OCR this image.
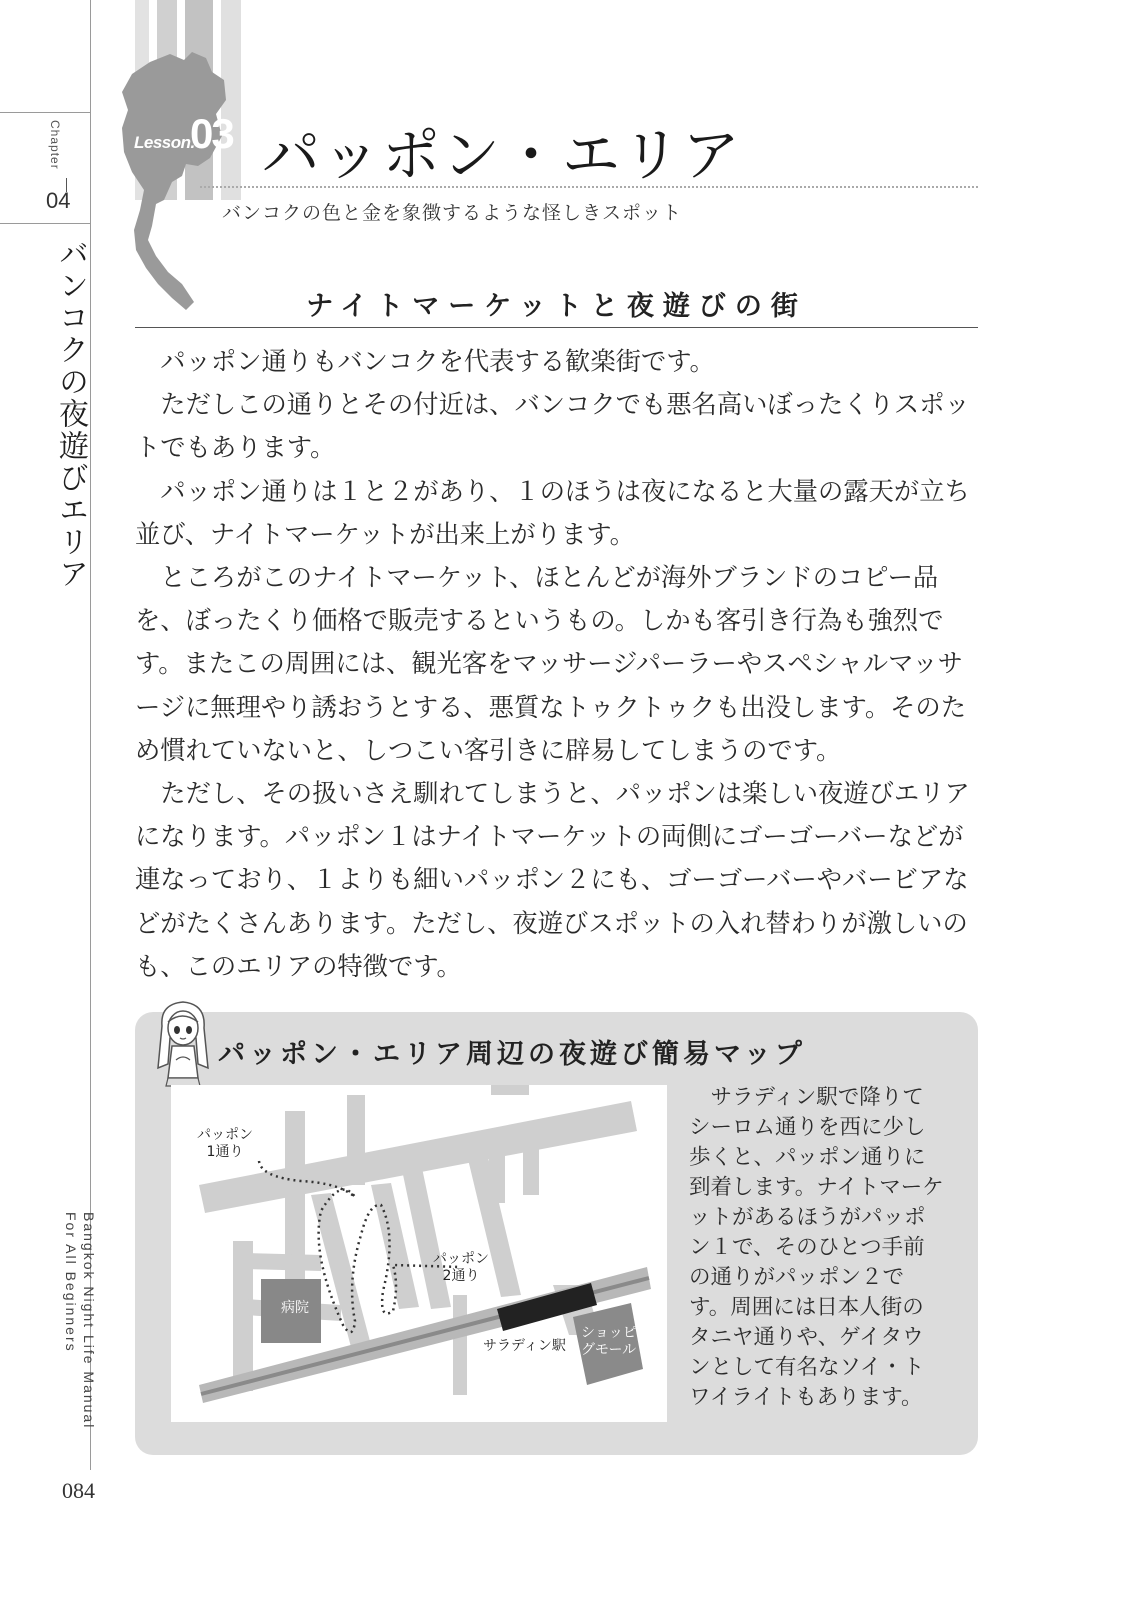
Chapter
04
バンコクの夜遊びエリア
Bangkok Night Life Manual
For All Beginners
Lesson.
03 パッポン・エリア
バンコクの色と金を象徴するような怪しきスポット
ナイトマーケットと夜遊びの街

パッポン通りもバンコクを代表する歓楽街です。

ただしこの通りとその付近は、バンコクでも悪名高いぼったくりスポットでもあります。

パッポン通りは１と２があり、１のほうは夜になると大量の露天が立ち並び、ナイトマーケットが出来上がります。

ところがこのナイトマーケット、ほとんどが海外ブランドのコピー品を、ぼったくり価格で販売するというもの。しかも客引き行為も強烈です。またこの周囲には、観光客をマッサージパーラーやスペシャルマッサージに無理やり誘おうとする、悪質なトゥクトゥクも出没します。そのため慣れていないと、しつこい客引きに辟易してしまうのです。

ただし、その扱いさえ馴れてしまうと、パッポンは楽しい夜遊びエリアになります。パッポン１はナイトマーケットの両側にゴーゴーバーなどが連なっており、１よりも細いパッポン２にも、ゴーゴーバーやバービアなどがたくさんあります。ただし、夜遊びスポットの入れ替わりが激しいのも、このエリアの特徴です。

パッポン・エリア周辺の夜遊び簡易マップ
パッポン
1通り
パッポン
2通り
病院
サラディン駅
ショッピン
グモール

サラディン駅で降りてシーロム通りを西に少し歩くと、パッポン通りに到着します。ナイトマーケットがあるほうがパッポン１で、そのひとつ手前の通りがパッポン２です。周囲には日本人街のタニヤ通りや、ゲイタウンとして有名なソイ・トワイライトもあります。

084
